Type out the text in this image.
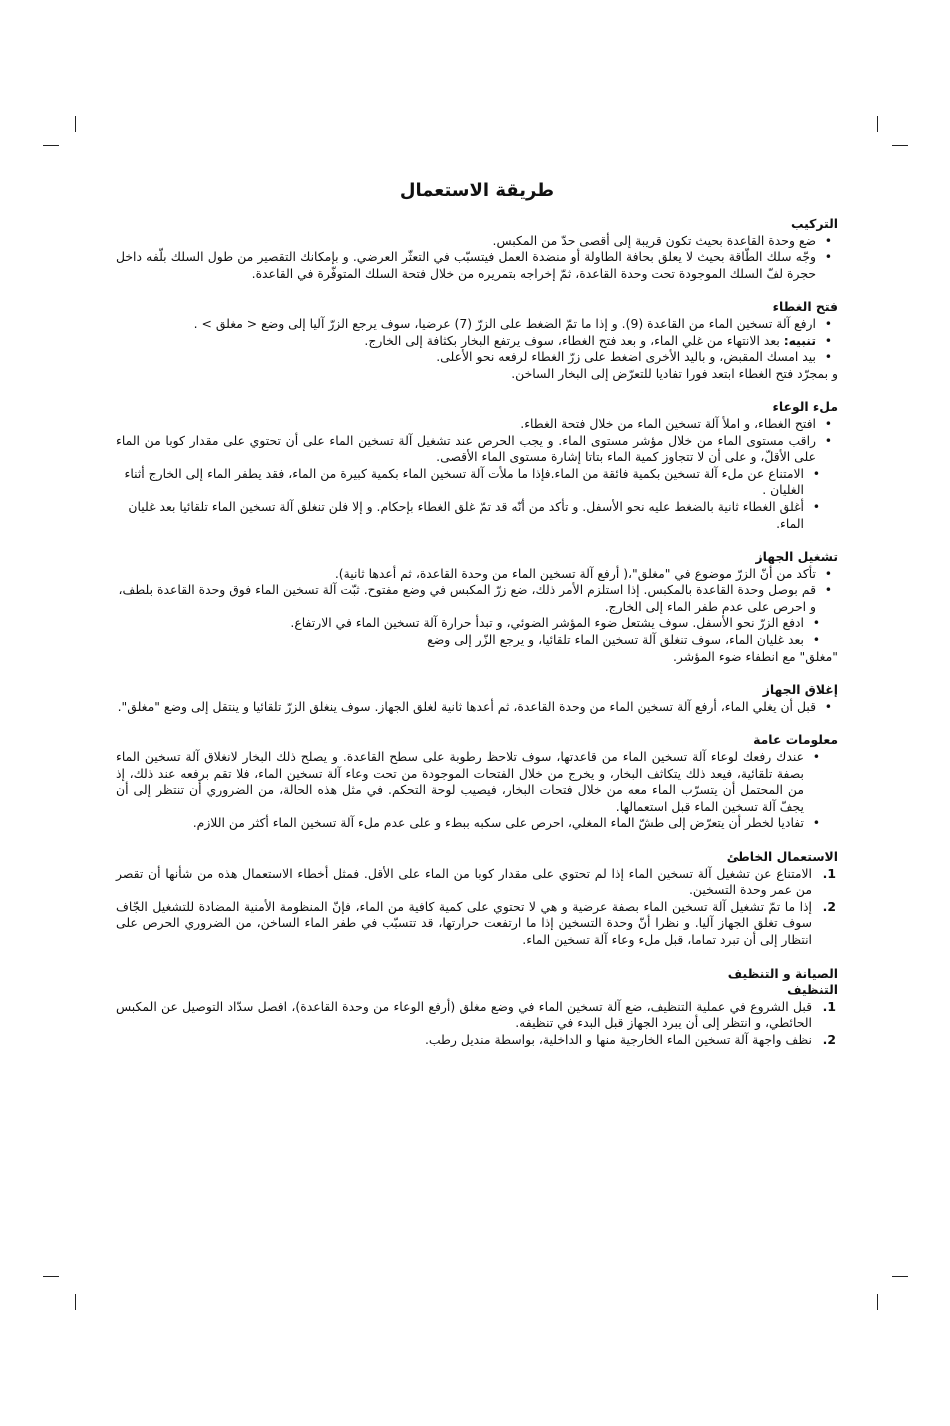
طريقة الاستعمال

التركيب

• ضع وحدة القاعدة بحيث تكون قريبة إلى أقصى حدّ من المكبس.
• وجّه سلك الطّاقة بحيث لا يعلق بحافة الطاولة أو منضدة العمل فيتسبّب في التعثّر العرضي. و بإمكانك التقصير من طول السلك بلّفه داخل حجرة لفّ السلك الموجودة تحت وحدة القاعدة، ثمّ إخراجه بتمريره من خلال فتحة السلك المتوفّرة في القاعدة.

فتح الغطاء

• ارفع آلة تسخين الماء من القاعدة (9). و إذا ما تمّ الضغط على الزرّ (7) عرضيا، سوف يرجع الزرّ آليا إلى وضع < مغلق > .
• تنبيه: بعد الانتهاء من غلي الماء، و بعد فتح الغطاء، سوف يرتفع البخار بكثافة إلى الخارج.
• بيد امسك المقبض، و باليد الأخرى اضغط على زرّ الغطاء لرفعه نحو الأعلى.

و بمجرّد فتح الغطاء ابتعد فورا تفاديا للتعرّض إلى البخار الساخن.

ملء الوعاء

• افتح الغطاء، و املأ آلة تسخين الماء من خلال فتحة الغطاء.
• راقب مستوى الماء من خلال مؤشر مستوى الماء. و يجب الحرص عند تشغيل آلة تسخين الماء على أن تحتوي على مقدار كوبا من الماء على الأقلّ، و على أن لا تتجاوز كمية الماء بتاتا إشارة مستوى الماء الأقصى.
• الامتناع عن ملء آلة تسخين بكمية فائقة من الماء.فإذا ما ملأت آلة تسخين الماء بكمية كبيرة من الماء، فقد يطفر الماء إلى الخارج أثناء الغليان .
• أغلق الغطاء ثانية بالضغط عليه نحو الأسفل. و تأكد من أنّه قد تمّ غلق الغطاء بإحكام. و إلا فلن تنغلق آلة تسخين الماء تلقائيا بعد غليان الماء.

تشغيل الجهاز

• تأكد من أنّ الزرّ موضوع في "مغلق"،( أرفع آلة تسخين الماء من وحدة القاعدة، ثم أعدها ثانية).
• قم بوصل وحدة القاعدة بالمكبس. إذا استلزم الأمر ذلك، ضع زرّ المكبس في وضع مفتوح. ثبّت آلة تسخين الماء فوق وحدة القاعدة بلطف، و احرص على عدم طفر الماء إلى الخارج.
• ادفع الزرّ نحو الأسفل. سوف يشتعل ضوء المؤشر الضوئي، و تبدأ حرارة آلة تسخين الماء في الارتفاع.
• بعد غليان الماء، سوف تنغلق آلة تسخين الماء تلقائيا، و يرجع الزّر إلى وضع

"مغلق" مع انطفاء ضوء المؤشر.

إغلاق الجهاز

• قبل أن يغلي الماء، أرفع آلة تسخين الماء من وحدة القاعدة، ثم أعدها ثانية لغلق الجهاز. سوف ينغلق الزرّ تلقائيا و ينتقل إلى وضع "مغلق".

معلومات عامة

• عندك رفعك لوعاء آلة تسخين الماء من قاعدتها، سوف تلاحظ رطوبة على سطح القاعدة. و يصلح ذلك البخار لانغلاق آلة تسخين الماء بصفة تلقائية، فيعد ذلك يتكاثف البخار، و يخرج من خلال الفتحات الموجودة من تحت وعاء آلة تسخين الماء، فلا تقم برفعه عند ذلك، إذ من المحتمل أن يتسرّب الماء معه من خلال فتحات البخار، فيصيب لوحة التحكم. في مثل هذه الحالة، من الضروري أن تنتظر إلى أن يجفّ آلة تسخين الماء قبل استعمالها.
• تفاديا لخطر أن يتعرّض إلى طشّ الماء المغلي، احرص على سكبه ببطء و على عدم ملء آلة تسخين الماء أكثر من اللازم.

الاستعمال الخاطئ

1.
الامتناع عن تشغيل آلة تسخين الماء إذا لم تحتوي على مقدار كوبا من الماء على الأقل. فمثل أخطاء الاستعمال هذه من شأنها أن تقصر من عمر وحدة التسخين.
2.
إذا ما تمّ تشغيل آلة تسخين الماء بصفة عرضية و هي لا تحتوي على كمية كافية من الماء، فإنّ المنظومة الأمنية المضادة للتشغيل الجّاف سوف تغلق الجهاز آليا. و نظرا أنّ وحدة التسخين إذا ما ارتفعت حرارتها، قد تتسبّب في طفر الماء الساخن، من الضروري الحرص على انتظار إلى أن تبرد تماما، قبل ملء وعاء آلة تسخين الماء.

الصيانة و التنظيف

التنظيف

1.
قبل الشروع في عملية التنظيف، ضع آلة تسخين الماء في وضع مغلق (أرفع الوعاء من وحدة القاعدة)، افصل سدّاد التوصيل عن المكبس الحائطي، و انتظر إلى أن يبرد الجهاز قبل البدء في تنظيفه.
2.
نظف واجهة آلة تسخين الماء الخارجية منها و الداخلية، بواسطة منديل رطب.
